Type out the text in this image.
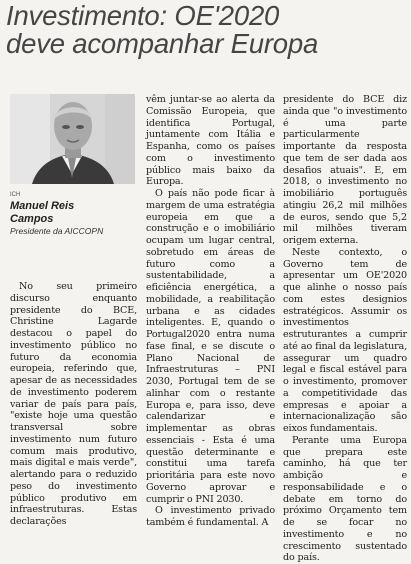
Investimento: OE'2020
deve acompanhar Europa
ICH
Manuel Reis
Campos
Presidente da AICCOPN

No seu primeiro discurso enquanto presidente do BCE, Christine Lagarde destacou o papel do investimento público no futuro da economia europeia, referindo que, apesar de as necessidades de investimento poderem variar de país para país, "existe hoje uma questão transversal sobre investimento num futuro comum mais produtivo, mais digital e mais verde", alertando para o reduzido peso do investimento público produtivo em infraestruturas. Estas declarações

vêm juntar-se ao alerta da Comissão Europeia, que identifica Portugal, juntamente com Itália e Espanha, como os países com o investimento público mais baixo da Europa.

O país não pode ficar à margem de uma estratégia europeia em que a construção e o imobiliário ocupam um lugar central, sobretudo em áreas de futuro como a sustentabilidade, a eficiência energética, a mobilidade, a reabilitação urbana e as cidades inteligentes. E, quando o Portugal2020 entra numa fase final, e se discute o Plano Nacional de Infraestruturas – PNI 2030, Portugal tem de se alinhar com o restante Europa e, para isso, deve calendarizar e implementar as obras essenciais - Esta é uma questão determinante e constitui uma tarefa prioritária para este novo Governo aprovar e cumprir o PNI 2030.

O investimento privado também é fundamental. A

presidente do BCE diz ainda que "o investimento é uma parte particularmente importante da resposta que tem de ser dada aos desafios atuais". E, em 2018, o investimento no imobiliário português atingiu 26,2 mil milhões de euros, sendo que 5,2 mil milhões tiveram origem externa.

Neste contexto, o Governo tem de apresentar um OE'2020 que alinhe o nosso país com estes designios estratégicos. Assumir os investimentos estruturantes a cumprir até ao final da legislatura, assegurar um quadro legal e fiscal estável para o investimento, promover a competitividade das empresas e apoiar a internacionalização são eixos fundamentais.

Perante uma Europa que prepara este caminho, há que ter ambição e responsabilidade e o debate em torno do próximo Orçamento tem de se focar no investimento e no crescimento sustentado do país.
